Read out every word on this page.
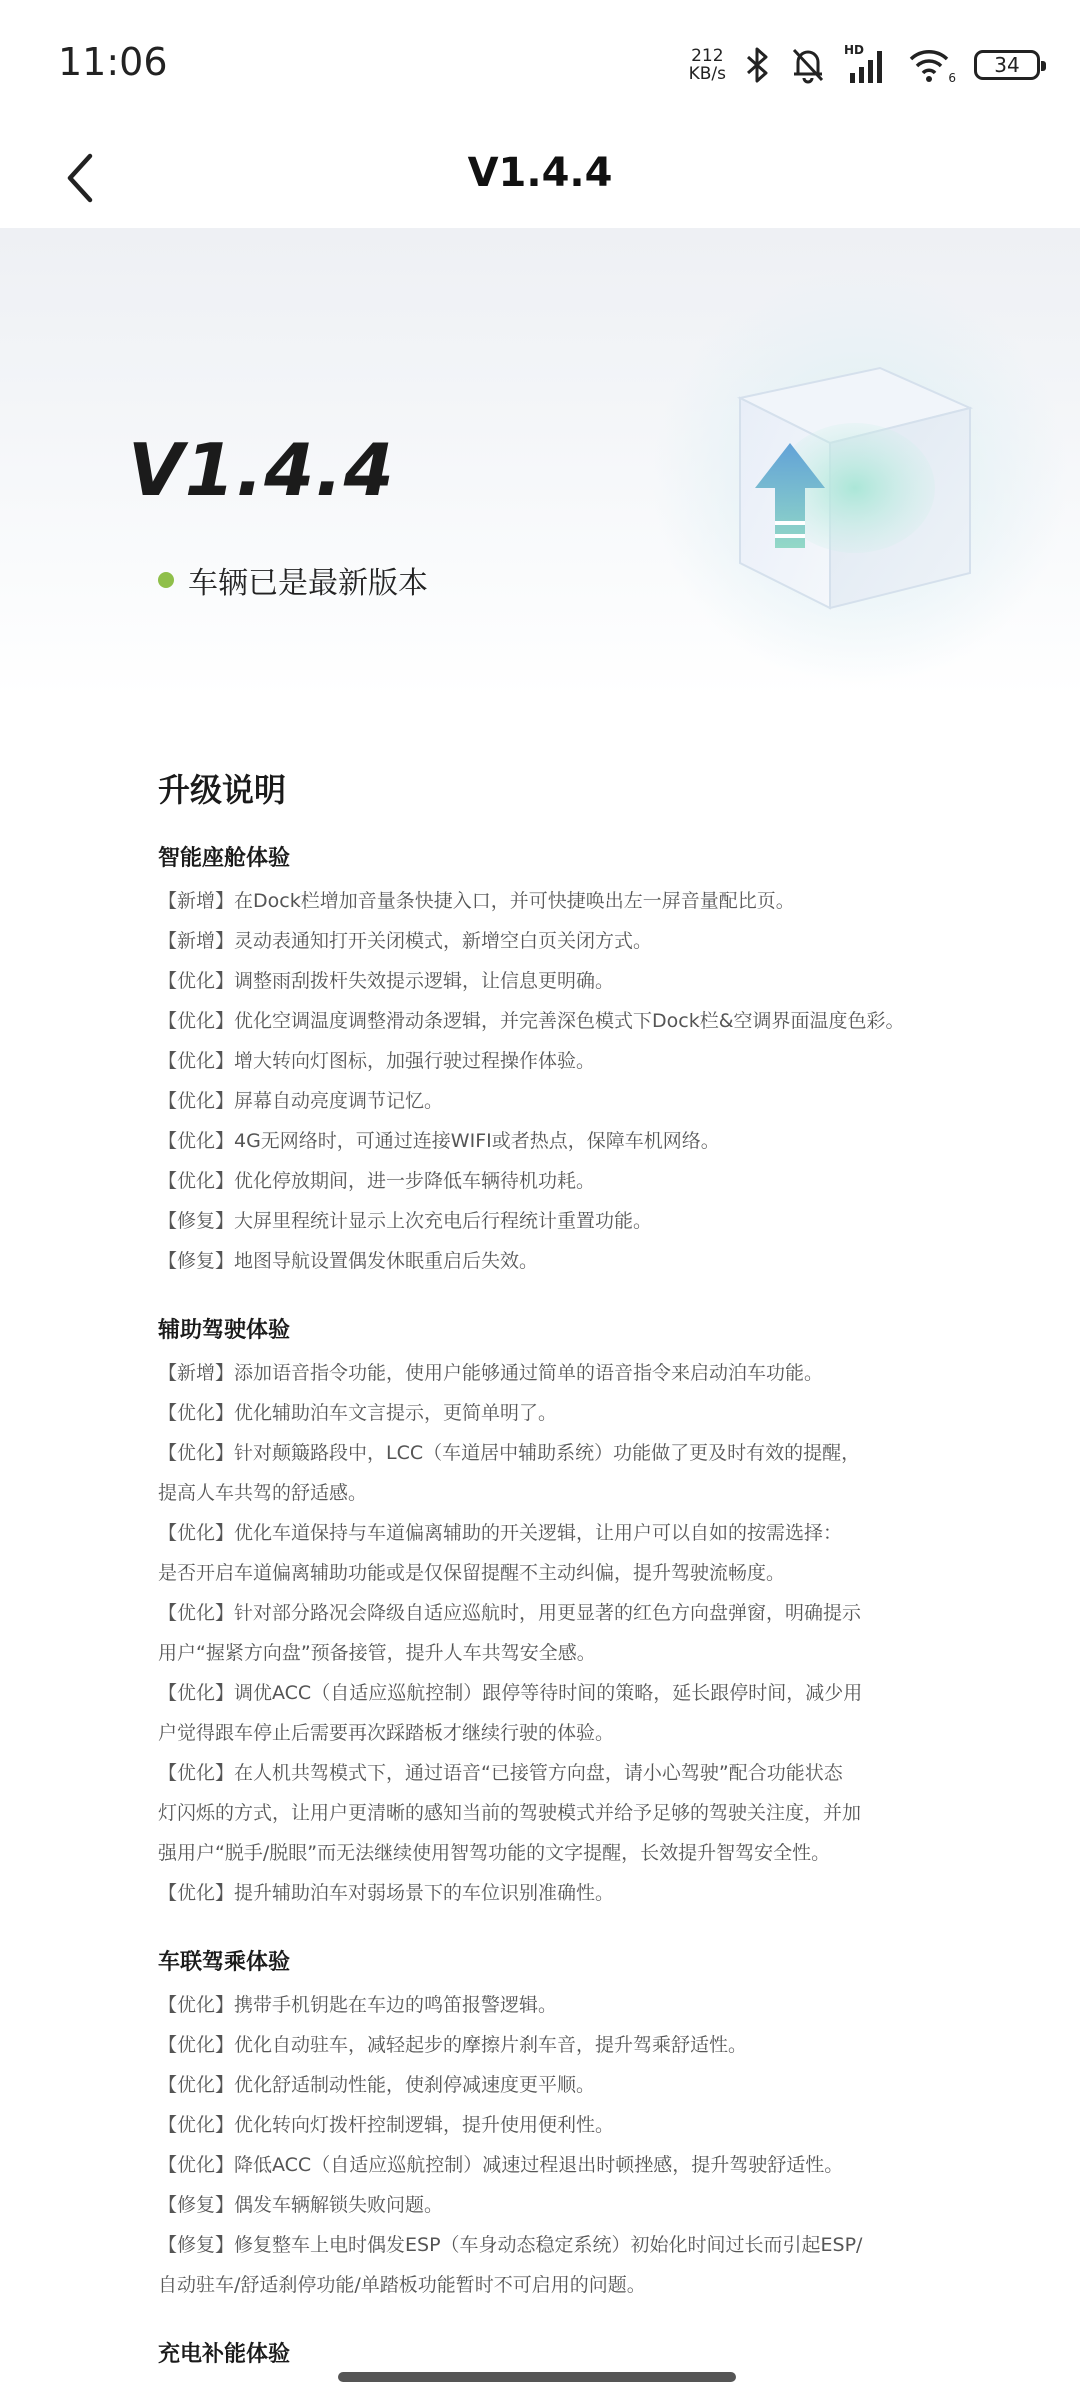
11:06	212
KB/s
HD
6
34
V1.4.4
V1.4.4
车辆已是最新版本
升级说明
智能座舱体验
【新增】在Dock栏增加音量条快捷入口，并可快捷唤出左一屏音量配比页。
【新增】灵动表通知打开关闭模式，新增空白页关闭方式。
【优化】调整雨刮拨杆失效提示逻辑，让信息更明确。
【优化】优化空调温度调整滑动条逻辑，并完善深色模式下Dock栏&空调界面温度色彩。
【优化】增大转向灯图标，加强行驶过程操作体验。
【优化】屏幕自动亮度调节记忆。
【优化】4G无网络时，可通过连接WIFI或者热点，保障车机网络。
【优化】优化停放期间，进一步降低车辆待机功耗。
【修复】大屏里程统计显示上次充电后行程统计重置功能。
【修复】地图导航设置偶发休眠重启后失效。
辅助驾驶体验
【新增】添加语音指令功能，使用户能够通过简单的语音指令来启动泊车功能。
【优化】优化辅助泊车文言提示，更简单明了。
【优化】针对颠簸路段中，LCC（车道居中辅助系统）功能做了更及时有效的提醒，
提高人车共驾的舒适感。
【优化】优化车道保持与车道偏离辅助的开关逻辑，让用户可以自如的按需选择：
是否开启车道偏离辅助功能或是仅保留提醒不主动纠偏，提升驾驶流畅度。
【优化】针对部分路况会降级自适应巡航时，用更显著的红色方向盘弹窗，明确提示
用户“握紧方向盘”预备接管，提升人车共驾安全感。
【优化】调优ACC（自适应巡航控制）跟停等待时间的策略，延长跟停时间，减少用
户觉得跟车停止后需要再次踩踏板才继续行驶的体验。
【优化】在人机共驾模式下，通过语音“已接管方向盘，请小心驾驶”配合功能状态
灯闪烁的方式，让用户更清晰的感知当前的驾驶模式并给予足够的驾驶关注度，并加
强用户“脱手/脱眼”而无法继续使用智驾功能的文字提醒，长效提升智驾安全性。
【优化】提升辅助泊车对弱场景下的车位识别准确性。
车联驾乘体验
【优化】携带手机钥匙在车边的鸣笛报警逻辑。
【优化】优化自动驻车，减轻起步的摩擦片刹车音，提升驾乘舒适性。
【优化】优化舒适制动性能，使刹停减速度更平顺。
【优化】优化转向灯拨杆控制逻辑，提升使用便利性。
【优化】降低ACC（自适应巡航控制）减速过程退出时顿挫感，提升驾驶舒适性。
【修复】偶发车辆解锁失败问题。
【修复】修复整车上电时偶发ESP（车身动态稳定系统）初始化时间过长而引起ESP/
自动驻车/舒适刹停功能/单踏板功能暂时不可启用的问题。
充电补能体验
